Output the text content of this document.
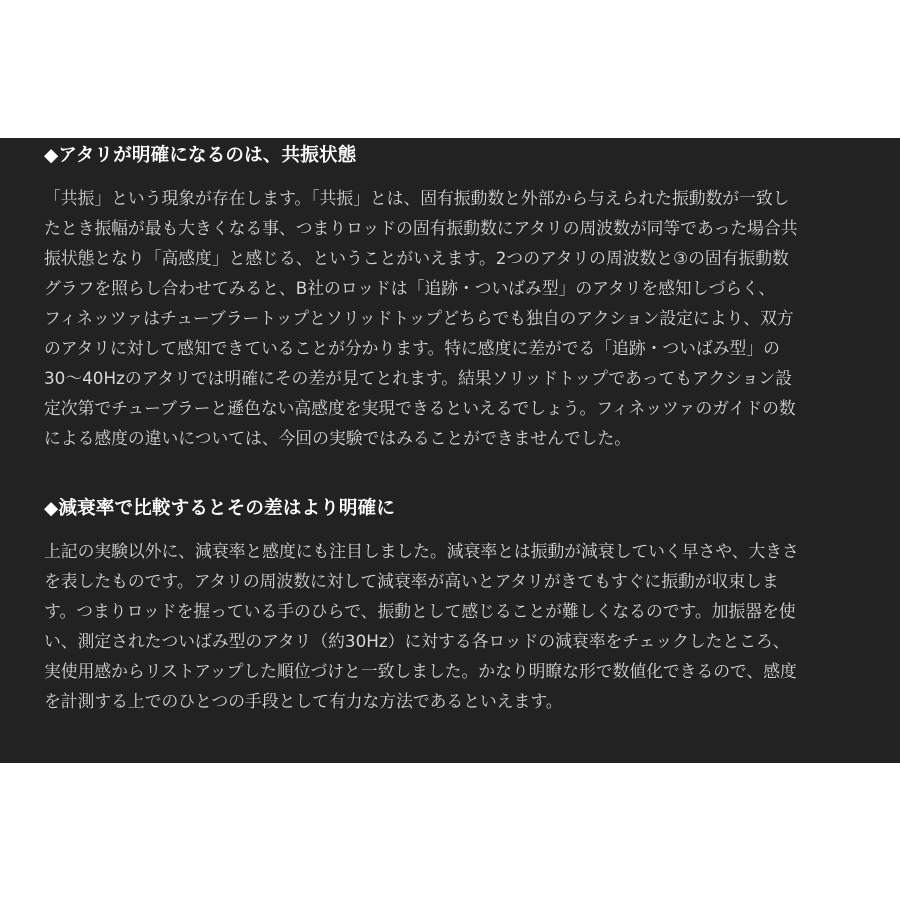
◆アタリが明確になるのは、共振状態

「共振」という現象が存在します。「共振」とは、固有振動数と外部から与えられた振動数が一致し
たとき振幅が最も大きくなる事、つまりロッドの固有振動数にアタリの周波数が同等であった場合共
振状態となり「高感度」と感じる、ということがいえます。2つのアタリの周波数と③の固有振動数
グラフを照らし合わせてみると、B社のロッドは「追跡・ついばみ型」のアタリを感知しづらく、
フィネッツァはチューブラートップとソリッドトップどちらでも独自のアクション設定により、双方
のアタリに対して感知できていることが分かります。特に感度に差がでる「追跡・ついばみ型」の
30～40Hzのアタリでは明確にその差が見てとれます。結果ソリッドトップであってもアクション設
定次第でチューブラーと遜色ない高感度を実現できるといえるでしょう。フィネッツァのガイドの数
による感度の違いについては、今回の実験ではみることができませんでした。

◆減衰率で比較するとその差はより明確に

上記の実験以外に、減衰率と感度にも注目しました。減衰率とは振動が減衰していく早さや、大きさ
を表したものです。アタリの周波数に対して減衰率が高いとアタリがきてもすぐに振動が収束しま
す。つまりロッドを握っている手のひらで、振動として感じることが難しくなるのです。加振器を使
い、測定されたついばみ型のアタリ（約30Hz）に対する各ロッドの減衰率をチェックしたところ、
実使用感からリストアップした順位づけと一致しました。かなり明瞭な形で数値化できるので、感度
を計測する上でのひとつの手段として有力な方法であるといえます。
